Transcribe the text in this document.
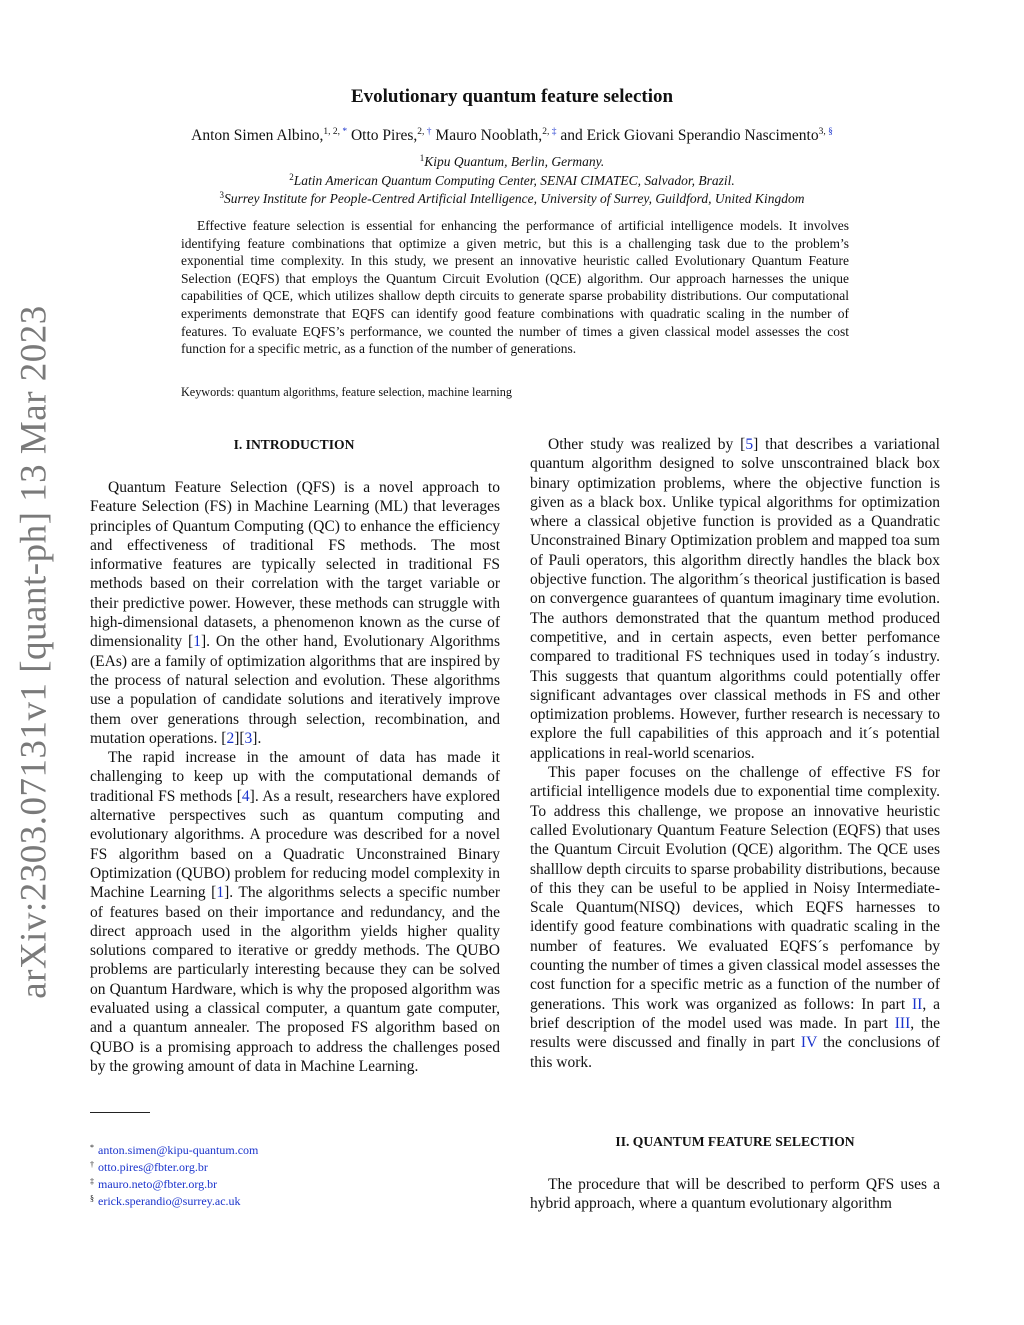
arXiv:2303.07131v1 [quant-ph] 13 Mar 2023
Evolutionary quantum feature selection
Anton Simen Albino,$^{1, 2, *}$ Otto Pires,$^{2, \dagger}$ Mauro Nooblath,$^{2, \ddagger}$ and Erick Giovani Sperandio Nascimento$^{3, \S}$
$^1$Kipu Quantum, Berlin, Germany.
$^2$Latin American Quantum Computing Center, SENAI CIMATEC, Salvador, Brazil.
$^3$Surrey Institute for People-Centred Artificial Intelligence, University of Surrey, Guildford, United Kingdom

Effective feature selection is essential for enhancing the performance of artificial intelligence models. It involves identifying feature combinations that optimize a given metric, but this is a challenging task due to the problem’s exponential time complexity. In this study, we present an innovative heuristic called Evolutionary Quantum Feature Selection (EQFS) that employs the Quantum Circuit Evolution (QCE) algorithm. Our approach harnesses the unique capabilities of QCE, which utilizes shallow depth circuits to generate sparse probability distributions. Our computational experiments demonstrate that EQFS can identify good feature combinations with quadratic scaling in the number of features. To evaluate EQFS’s performance, we counted the number of times a given classical model assesses the cost function for a specific metric, as a function of the number of generations.

Keywords: quantum algorithms, feature selection, machine learning
I. INTRODUCTION

Quantum Feature Selection (QFS) is a novel approach to Feature Selection (FS) in Machine Learning (ML) that leverages principles of Quantum Computing (QC) to enhance the efficiency and effectiveness of traditional FS methods. The most informative features are typically selected in traditional FS methods based on their correlation with the target variable or their predictive power. However, these methods can struggle with high-dimensional datasets, a phenomenon known as the curse of dimensionality [1]. On the other hand, Evolutionary Algorithms (EAs) are a family of optimization algorithms that are inspired by the process of natural selection and evolution. These algorithms use a population of candidate solutions and iteratively improve them over generations through selection, recombination, and mutation operations. [2][3].

The rapid increase in the amount of data has made it challenging to keep up with the computational demands of traditional FS methods [4]. As a result, researchers have explored alternative perspectives such as quantum computing and evolutionary algorithms. A procedure was described for a novel FS algorithm based on a Quadratic Unconstrained Binary Optimization (QUBO) problem for reducing model complexity in Machine Learning [1]. The algorithms selects a specific number of features based on their importance and redundancy, and the direct approach used in the algorithm yields higher quality solutions compared to iterative or greddy methods. The QUBO problems are particularly interesting because they can be solved on Quantum Hardware, which is why the proposed algorithm was evaluated using a classical computer, a quantum gate computer, and a quantum annealer. The proposed FS algorithm based on QUBO is a promising approach to address the challenges posed by the growing amount of data in Machine Learning.

Other study was realized by [5] that describes a variational quantum algorithm designed to solve unscontrained black box binary optimization problems, where the objective function is given as a black box. Unlike typical algorithms for optimization where a classical objetive function is provided as a Quandratic Unconstrained Binary Optimization problem and mapped toa sum of Pauli operators, this algorithm directly handles the black box objective function. The algorithm´s theorical justification is based on convergence guarantees of quantum imaginary time evolution. The authors demonstrated that the quantum method produced competitive, and in certain aspects, even better perfomance compared to traditional FS techniques used in today´s industry. This suggests that quantum algorithms could potentially offer significant advantages over classical methods in FS and other optimization problems. However, further research is necessary to explore the full capabilities of this approach and it´s potential applications in real-world scenarios.

This paper focuses on the challenge of effective FS for artificial intelligence models due to exponential time complexity. To address this challenge, we propose an innovative heuristic called Evolutionary Quantum Feature Selection (EQFS) that uses the Quantum Circuit Evolution (QCE) algorithm. The QCE uses shalllow depth circuits to sparse probability distributions, because of this they can be useful to be applied in Noisy Intermediate-Scale Quantum(NISQ) devices, which EQFS harnesses to identify good feature combinations with quadratic scaling in the number of features. We evaluated EQFS´s perfomance by counting the number of times a given classical model assesses the cost function for a specific metric as a function of the number of generations. This work was organized as follows: In part II, a brief description of the model used was made. In part III, the results were discussed and finally in part IV the conclusions of this work.

II. QUANTUM FEATURE SELECTION

The procedure that will be described to perform QFS uses a hybrid approach, where a quantum evolutionary algorithm

* anton.simen@kipu-quantum.com
† otto.pires@fbter.org.br
‡ mauro.neto@fbter.org.br
§ erick.sperandio@surrey.ac.uk
